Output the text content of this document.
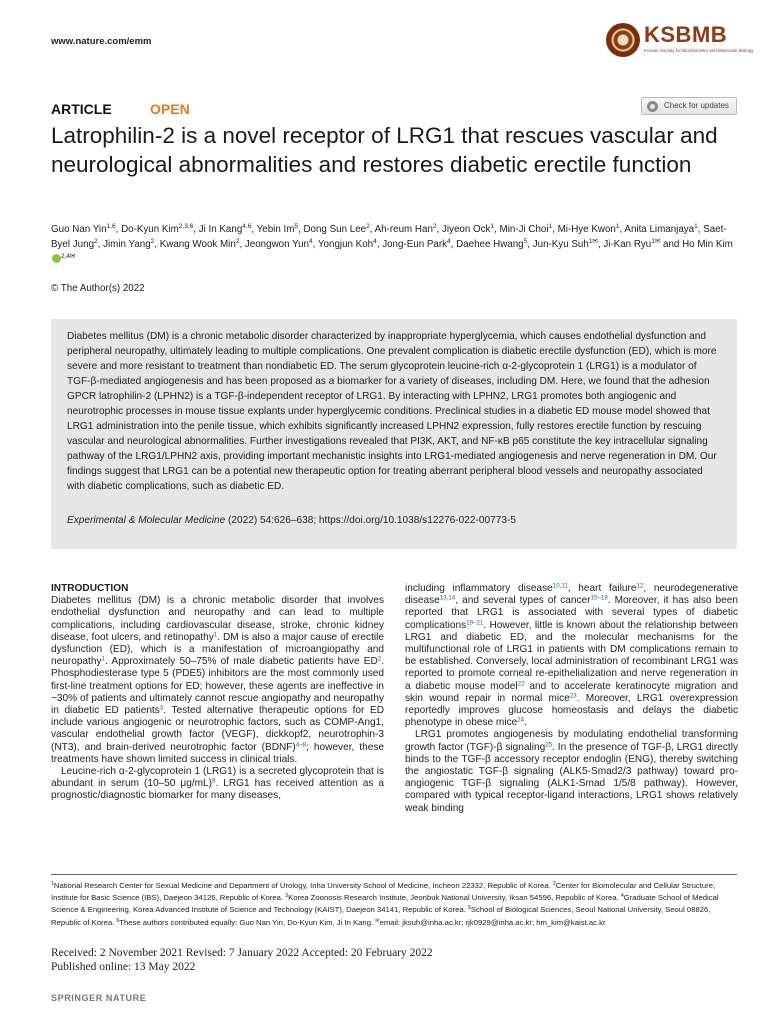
www.nature.com/emm	KSBMB
Korean Society for Biochemistry and Molecular Biology
ARTICLE	OPEN	Check for updates
Latrophilin-2 is a novel receptor of LRG1 that rescues vascular and neurological abnormalities and restores diabetic erectile function
Guo Nan Yin$^{1,6}$, Do-Kyun Kim$^{2,3,6}$, Ji In Kang$^{4,6}$, Yebin Im$^5$, Dong Sun Lee$^2$, Ah-reum Han$^2$, Jiyeon Ock$^1$, Min-Ji Choi$^1$, Mi-Hye Kwon$^1$, Anita Limanjaya$^1$, Saet-Byel Jung$^2$, Jimin Yang$^2$, Kwang Wook Min$^2$, Jeongwon Yun$^4$, Yongjun Koh$^4$, Jong-Eun Park$^4$, Daehee Hwang$^5$, Jun-Kyu Suh$^{1✉}$, Ji-Kan Ryu$^{1✉}$ and Ho Min Kim$^{2,4✉}$
© The Author(s) 2022

Diabetes mellitus (DM) is a chronic metabolic disorder characterized by inappropriate hyperglycemia, which causes endothelial dysfunction and peripheral neuropathy, ultimately leading to multiple complications. One prevalent complication is diabetic erectile dysfunction (ED), which is more severe and more resistant to treatment than nondiabetic ED. The serum glycoprotein leucine-rich α-2-glycoprotein 1 (LRG1) is a modulator of TGF-β-mediated angiogenesis and has been proposed as a biomarker for a variety of diseases, including DM. Here, we found that the adhesion GPCR latrophilin-2 (LPHN2) is a TGF-β-independent receptor of LRG1. By interacting with LPHN2, LRG1 promotes both angiogenic and neurotrophic processes in mouse tissue explants under hyperglycemic conditions. Preclinical studies in a diabetic ED mouse model showed that LRG1 administration into the penile tissue, which exhibits significantly increased LPHN2 expression, fully restores erectile function by rescuing vascular and neurological abnormalities. Further investigations revealed that PI3K, AKT, and NF-κB p65 constitute the key intracellular signaling pathway of the LRG1/LPHN2 axis, providing important mechanistic insights into LRG1-mediated angiogenesis and nerve regeneration in DM. Our findings suggest that LRG1 can be a potential new therapeutic option for treating aberrant peripheral blood vessels and neuropathy associated with diabetic complications, such as diabetic ED.

Experimental & Molecular Medicine (2022) 54:626–638; https://doi.org/10.1038/s12276-022-00773-5
INTRODUCTION

Diabetes mellitus (DM) is a chronic metabolic disorder that involves endothelial dysfunction and neuropathy and can lead to multiple complications, including cardiovascular disease, stroke, chronic kidney disease, foot ulcers, and retinopathy$^1$. DM is also a major cause of erectile dysfunction (ED), which is a manifestation of microangiopathy and neuropathy$^1$. Approximately 50–75% of male diabetic patients have $ED^2$. Phosphodiesterase type 5 (PDE5) inhibitors are the most commonly used first-line treatment options for ED; however, these agents are ineffective in ~30% of patients and ultimately cannot rescue angiopathy and neuropathy in diabetic ED patients$^3$. Tested alternative therapeutic options for ED include various angiogenic or neurotrophic factors, such as COMP-Ang1, vascular endothelial growth factor (VEGF), dickkopf2, neurotrophin-3 (NT3), and brain-derived neurotrophic factor (BDNF)$^{4-8}$; however, these treatments have shown limited success in clinical trials.

Leucine-rich α-2-glycoprotein 1 (LRG1) is a secreted glycoprotein that is abundant in serum (10–50 μg/mL)$^9$. LRG1 has received attention as a prognostic/diagnostic biomarker for many diseases,

including inflammatory disease$^{10,11}$, heart failure$^{12}$, neurodegenerative disease$^{13,14}$, and several types of cancer$^{15-18}$. Moreover, it has also been reported that LRG1 is associated with several types of diabetic complications$^{19-21}$. However, little is known about the relationship between LRG1 and diabetic ED, and the molecular mechanisms for the multifunctional role of LRG1 in patients with DM complications remain to be established. Conversely, local administration of recombinant LRG1 was reported to promote corneal re-epithelialization and nerve regeneration in a diabetic mouse model$^{22}$ and to accelerate keratinocyte migration and skin wound repair in normal mice$^{23}$. Moreover, LRG1 overexpression reportedly improves glucose homeostasis and delays the diabetic phenotype in obese mice$^{24}$.

LRG1 promotes angiogenesis by modulating endothelial transforming growth factor (TGF)-β signaling$^{25}$. In the presence of TGF-β, LRG1 directly binds to the TGF-β accessory receptor endoglin (ENG), thereby switching the angiostatic TGF-β signaling (ALK5-Smad2/3 pathway) toward pro-angiogenic TGF-β signaling (ALK1-Smad 1/5/8 pathway). However, compared with typical receptor-ligand interactions, LRG1 shows relatively weak binding

$^1$National Research Center for Sexual Medicine and Department of Urology, Inha University School of Medicine, Incheon 22332, Republic of Korea. $^2$Center for Biomolecular and Cellular Structure, Institute for Basic Science (IBS), Daejeon 34126, Republic of Korea. $^3$Korea Zoonosis Research Institute, Jeonbuk National University, Iksan 54596, Republic of Korea. $^4$Graduate School of Medical Science & Engineering, Korea Advanced Institute of Science and Technology (KAIST), Daejeon 34141, Republic of Korea. $^5$School of Biological Sciences, Seoul National University, Seoul 08826, Republic of Korea. $^6$These authors contributed equally: Guo Nan Yin, Do-Kyun Kim, Ji In Kang. ✉email: jksuh@inha.ac.kr; rjk0929@inha.ac.kr; hm_kim@kaist.ac.kr
Received: 2 November 2021 Revised: 7 January 2022 Accepted: 20 February 2022
Published online: 13 May 2022
SPRINGER NATURE
